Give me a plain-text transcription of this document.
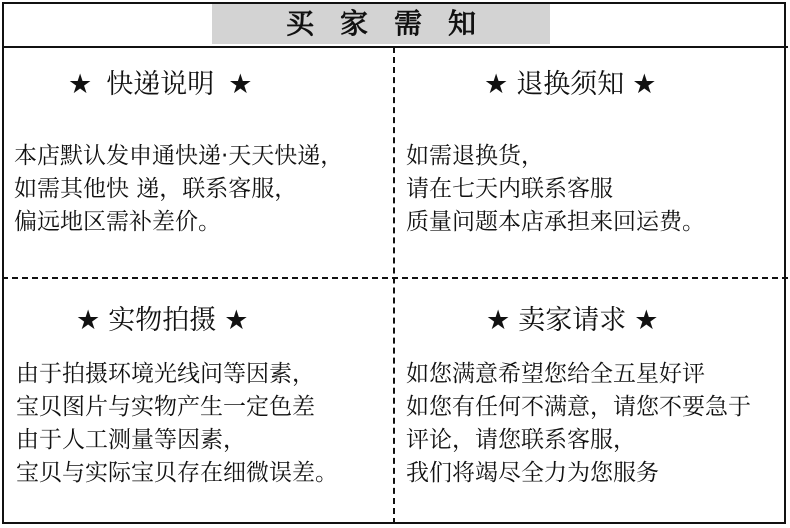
买家需知
★ 快递说明 ★
本店默认发申通快递·天天快递，
如需其他快 递，联系客服，
偏远地区需补差价。
★ 退换须知 ★
如需退换货，
请在七天内联系客服
质量问题本店承担来回运费。
★ 实物拍摄 ★
由于拍摄环境光线问等因素，
宝贝图片与实物产生一定色差
由于人工测量等因素，
宝贝与实际宝贝存在细微误差。
★ 卖家请求 ★
如您满意希望您给全五星好评
如您有任何不满意，请您不要急于
评论，请您联系客服，
我们将竭尽全力为您服务
